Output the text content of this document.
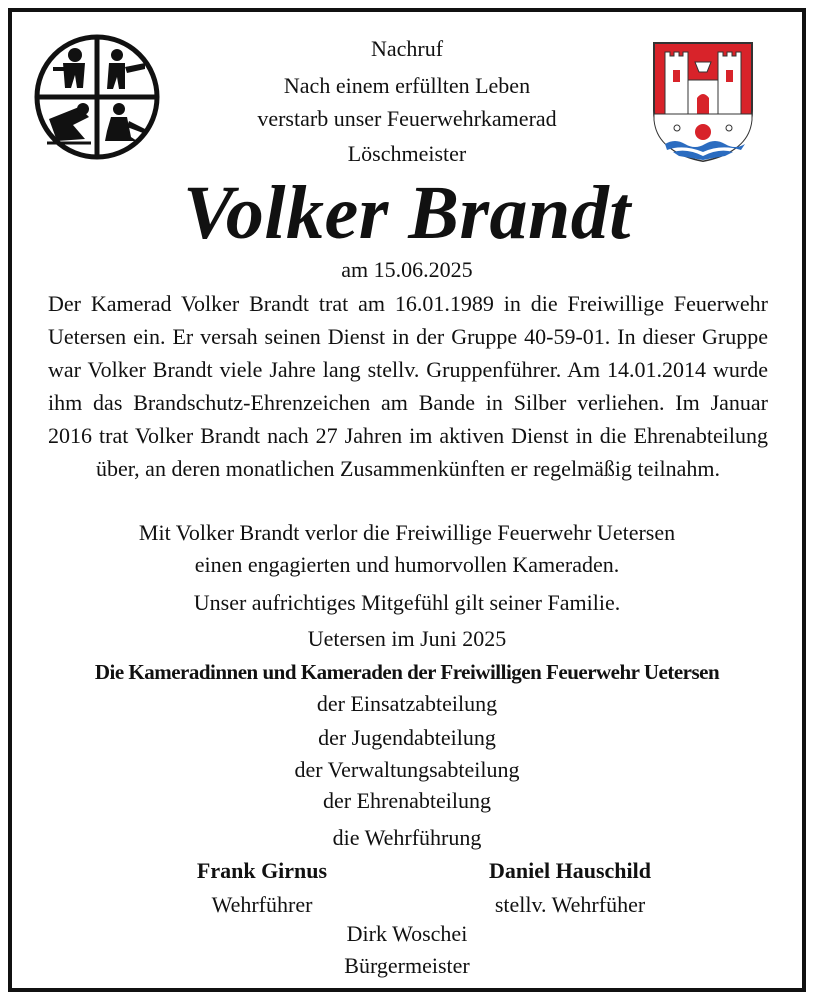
Nachruf
Nach einem erfüllten Leben
verstarb unser Feuerwehrkamerad
Löschmeister
Volker Brandt
am 15.06.2025

Der Kamerad Volker Brandt trat am 16.01.1989 in die Freiwillige Feuerwehr Uetersen ein. Er versah seinen Dienst in der Gruppe 40-59-01. In dieser Gruppe war Volker Brandt viele Jahre lang stellv. Gruppenführer. Am 14.01.2014 wurde ihm das Brandschutz-Ehrenzeichen am Bande in Silber verliehen. Im Januar 2016 trat Volker Brandt nach 27 Jahren im aktiven Dienst in die Ehrenabteilung über, an deren monatlichen Zusammenkünften er regelmäßig teilnahm.

Mit Volker Brandt verlor die Freiwillige Feuerwehr Uetersen
einen engagierten und humorvollen Kameraden.
Unser aufrichtiges Mitgefühl gilt seiner Familie.
Uetersen im Juni 2025
Die Kameradinnen und Kameraden der Freiwilligen Feuerwehr Uetersen
der Einsatzabteilung
der Jugendabteilung
der Verwaltungsabteilung
der Ehrenabteilung
die Wehrführung
Frank Girnus
Wehrführer
Daniel Hauschild
stellv. Wehrfüher
Dirk Woschei
Bürgermeister
